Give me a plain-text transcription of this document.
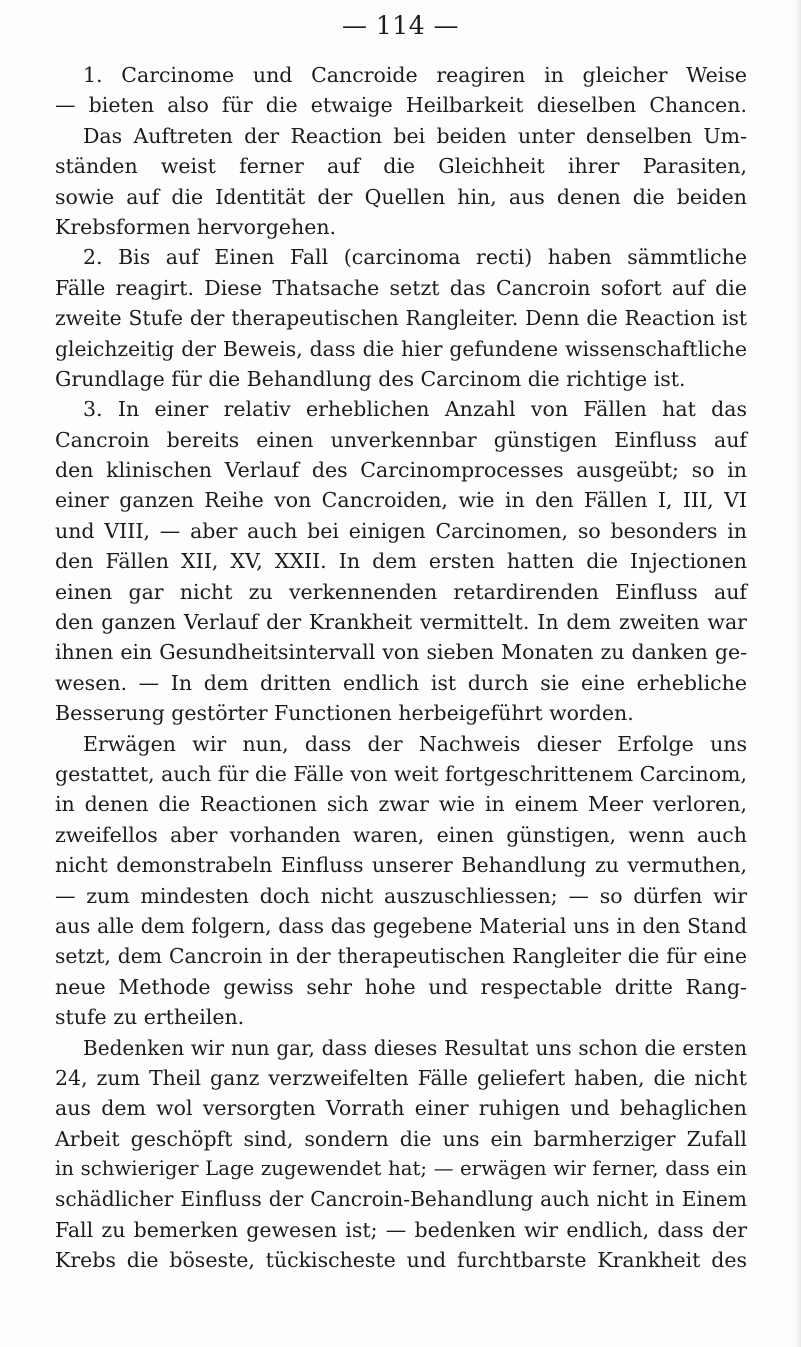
— 114 —
1. Carcinome und Cancroide reagiren in gleicher Weise
— bieten also für die etwaige Heilbarkeit dieselben Chancen.
Das Auftreten der Reaction bei beiden unter denselben Um-
ständen weist ferner auf die Gleichheit ihrer Parasiten,
sowie auf die Identität der Quellen hin, aus denen die beiden
Krebsformen hervorgehen.
2. Bis auf Einen Fall (carcinoma recti) haben sämmtliche
Fälle reagirt. Diese Thatsache setzt das Cancroin sofort auf die
zweite Stufe der therapeutischen Rangleiter. Denn die Reaction ist
gleichzeitig der Beweis, dass die hier gefundene wissenschaftliche
Grundlage für die Behandlung des Carcinom die richtige ist.
3. In einer relativ erheblichen Anzahl von Fällen hat das
Cancroin bereits einen unverkennbar günstigen Einfluss auf
den klinischen Verlauf des Carcinomprocesses ausgeübt; so in
einer ganzen Reihe von Cancroiden, wie in den Fällen I, III, VI
und VIII, — aber auch bei einigen Carcinomen, so besonders in
den Fällen XII, XV, XXII. In dem ersten hatten die Injectionen
einen gar nicht zu verkennenden retardirenden Einfluss auf
den ganzen Verlauf der Krankheit vermittelt. In dem zweiten war
ihnen ein Gesundheitsintervall von sieben Monaten zu danken ge-
wesen. — In dem dritten endlich ist durch sie eine erhebliche
Besserung gestörter Functionen herbeigeführt worden.
Erwägen wir nun, dass der Nachweis dieser Erfolge uns
gestattet, auch für die Fälle von weit fortgeschrittenem Carcinom,
in denen die Reactionen sich zwar wie in einem Meer verloren,
zweifellos aber vorhanden waren, einen günstigen, wenn auch
nicht demonstrabeln Einfluss unserer Behandlung zu vermuthen,
— zum mindesten doch nicht auszuschliessen; — so dürfen wir
aus alle dem folgern, dass das gegebene Material uns in den Stand
setzt, dem Cancroin in der therapeutischen Rangleiter die für eine
neue Methode gewiss sehr hohe und respectable dritte Rang-
stufe zu ertheilen.
Bedenken wir nun gar, dass dieses Resultat uns schon die ersten
24, zum Theil ganz verzweifelten Fälle geliefert haben, die nicht
aus dem wol versorgten Vorrath einer ruhigen und behaglichen
Arbeit geschöpft sind, sondern die uns ein barmherziger Zufall
in schwieriger Lage zugewendet hat; — erwägen wir ferner, dass ein
schädlicher Einfluss der Cancroin-Behandlung auch nicht in Einem
Fall zu bemerken gewesen ist; — bedenken wir endlich, dass der
Krebs die böseste, tückischeste und furchtbarste Krankheit des
